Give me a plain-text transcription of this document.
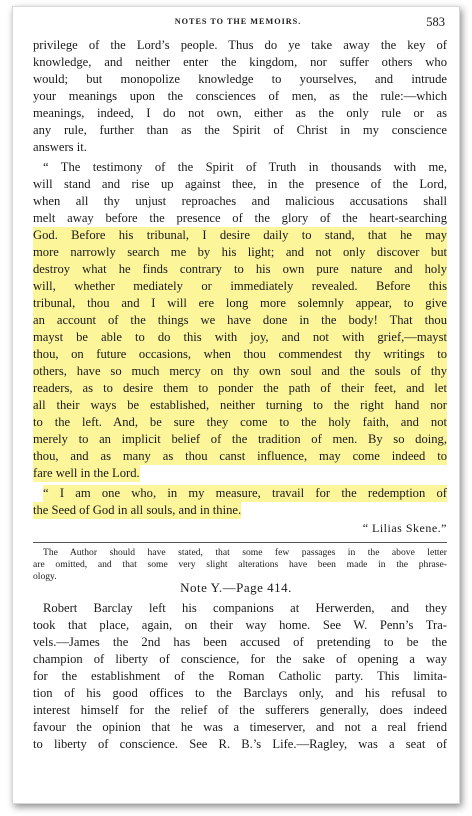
NOTES TO THE MEMOIRS.	583
privilege of the Lord’s people. Thus do ye take away the key of
knowledge, and neither enter the kingdom, nor suffer others who
would; but monopolize knowledge to yourselves, and intrude
your meanings upon the consciences of men, as the rule:—which
meanings, indeed, I do not own, either as the only rule or as
any rule, further than as the Spirit of Christ in my conscience
answers it.
“ The testimony of the Spirit of Truth in thousands with me,
will stand and rise up against thee, in the presence of the Lord,
when all thy unjust reproaches and malicious accusations shall
melt away before the presence of the glory of the heart-searching
God. Before his tribunal, I desire daily to stand, that he may
more narrowly search me by his light; and not only discover but
destroy what he finds contrary to his own pure nature and holy
will, whether mediately or immediately revealed. Before this
tribunal, thou and I will ere long more solemnly appear, to give
an account of the things we have done in the body! That thou
mayst be able to do this with joy, and not with grief,—mayst
thou, on future occasions, when thou commendest thy writings to
others, have so much mercy on thy own soul and the souls of thy
readers, as to desire them to ponder the path of their feet, and let
all their ways be established, neither turning to the right hand nor
to the left. And, be sure they come to the holy faith, and not
merely to an implicit belief of the tradition of men. By so doing,
thou, and as many as thou canst influence, may come indeed to
fare well in the Lord.
“ I am one who, in my measure, travail for the redemption of
the Seed of God in all souls, and in thine.
“ Lilias Skene.”
The Author should have stated, that some few passages in the above letter
are omitted, and that some very slight alterations have been made in the phrase-
ology.
Note Y.—Page 414.
Robert Barclay left his companions at Herwerden, and they
took that place, again, on their way home. See W. Penn’s Tra-
vels.—James the 2nd has been accused of pretending to be the
champion of liberty of conscience, for the sake of opening a way
for the establishment of the Roman Catholic party. This limita-
tion of his good offices to the Barclays only, and his refusal to
interest himself for the relief of the sufferers generally, does indeed
favour the opinion that he was a timeserver, and not a real friend
to liberty of conscience. See R. B.’s Life.—Ragley, was a seat of
